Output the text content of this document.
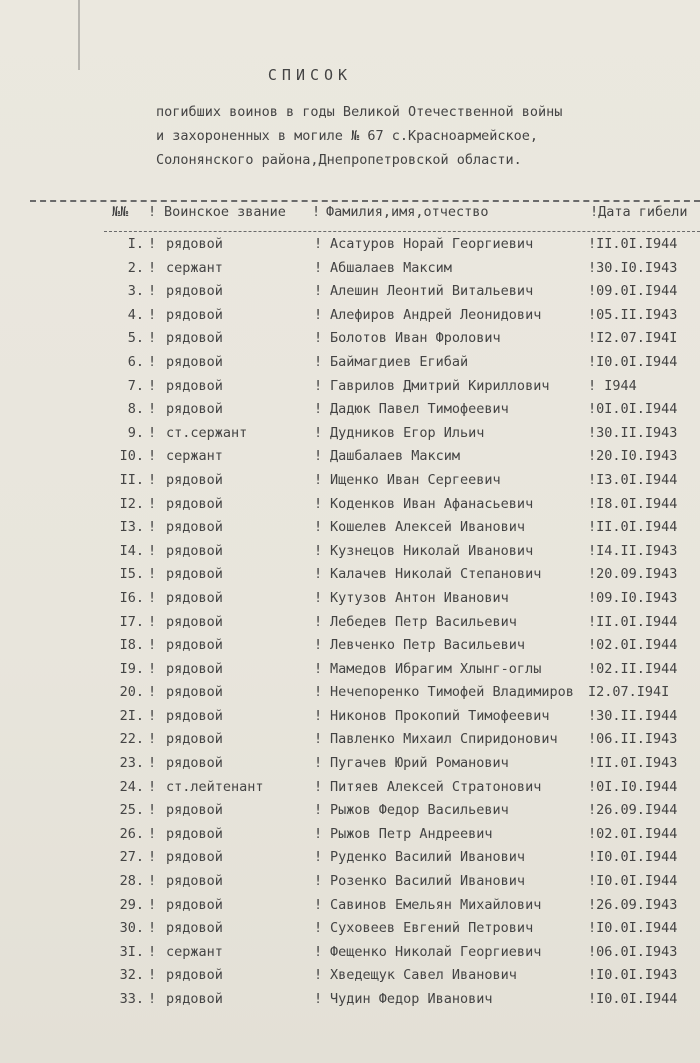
СПИСОК
погибших воинов в годы Великой Отечественной войны
и захороненных в могиле № 67 с.Красноармейское,
Солонянского района,Днепропетровской области.
№№ ! Воинское звание ! Фамилия,имя,отчество	!Дата гибели
I. ! рядовой	! Асатуров Норай Георгиевич	!II.0I.I944
2. ! сержант	! Абшалаев Максим	!30.I0.I943
3. ! рядовой	! Алешин Леонтий Витальевич	!09.0I.I944
4. ! рядовой	! Алефиров Андрей Леонидович	!05.II.I943
5. ! рядовой	! Болотов Иван Фролович	!I2.07.I94I
6. ! рядовой	! Баймагдиев Егибай	!I0.0I.I944
7. ! рядовой	! Гаврилов Дмитрий Кириллович	! I944
8. ! рядовой	! Дадюк Павел Тимофеевич	!0I.0I.I944
9. ! ст.сержант	! Дудников Егор Ильич	!30.II.I943
I0. ! сержант	! Дашбалаев Максим	!20.I0.I943
II. ! рядовой	! Ищенко Иван Сергеевич	!I3.0I.I944
I2. ! рядовой	! Коденков Иван Афанасьевич	!I8.0I.I944
I3. ! рядовой	! Кошелев Алексей Иванович	!II.0I.I944
I4. ! рядовой	! Кузнецов Николай Иванович	!I4.II.I943
I5. ! рядовой	! Калачев Николай Степанович	!20.09.I943
I6. ! рядовой	! Кутузов Антон Иванович	!09.I0.I943
I7. ! рядовой	! Лебедев Петр Васильевич	!II.0I.I944
I8. ! рядовой	! Левченко Петр Васильевич	!02.0I.I944
I9. ! рядовой	! Мамедов Ибрагим Хлынг-оглы	!02.II.I944
20. ! рядовой	! Нечепоренко Тимофей Владимиров I2.07.I94I
2I. ! рядовой	! Никонов Прокопий Тимофеевич	!30.II.I944
22. ! рядовой	! Павленко Михаил Спиридонович !06.II.I943
23. ! рядовой	! Пугачев Юрий Романович	!II.0I.I943
24. ! ст.лейтенант	! Питяев Алексей Стратонович	!0I.I0.I944
25. ! рядовой	! Рыжов Федор Васильевич	!26.09.I944
26. ! рядовой	! Рыжов Петр Андреевич	!02.0I.I944
27. ! рядовой	! Руденко Василий Иванович	!I0.0I.I944
28. ! рядовой	! Розенко Василий Иванович	!I0.0I.I944
29. ! рядовой	! Савинов Емельян Михайлович	!26.09.I943
30. ! рядовой	! Суховеев Евгений Петрович	!I0.0I.I944
3I. ! сержант	! Фещенко Николай Георгиевич	!06.0I.I943
32. ! рядовой	! Хведещук Савел Иванович	!I0.0I.I943
33. ! рядовой	! Чудин Федор Иванович	!I0.0I.I944
